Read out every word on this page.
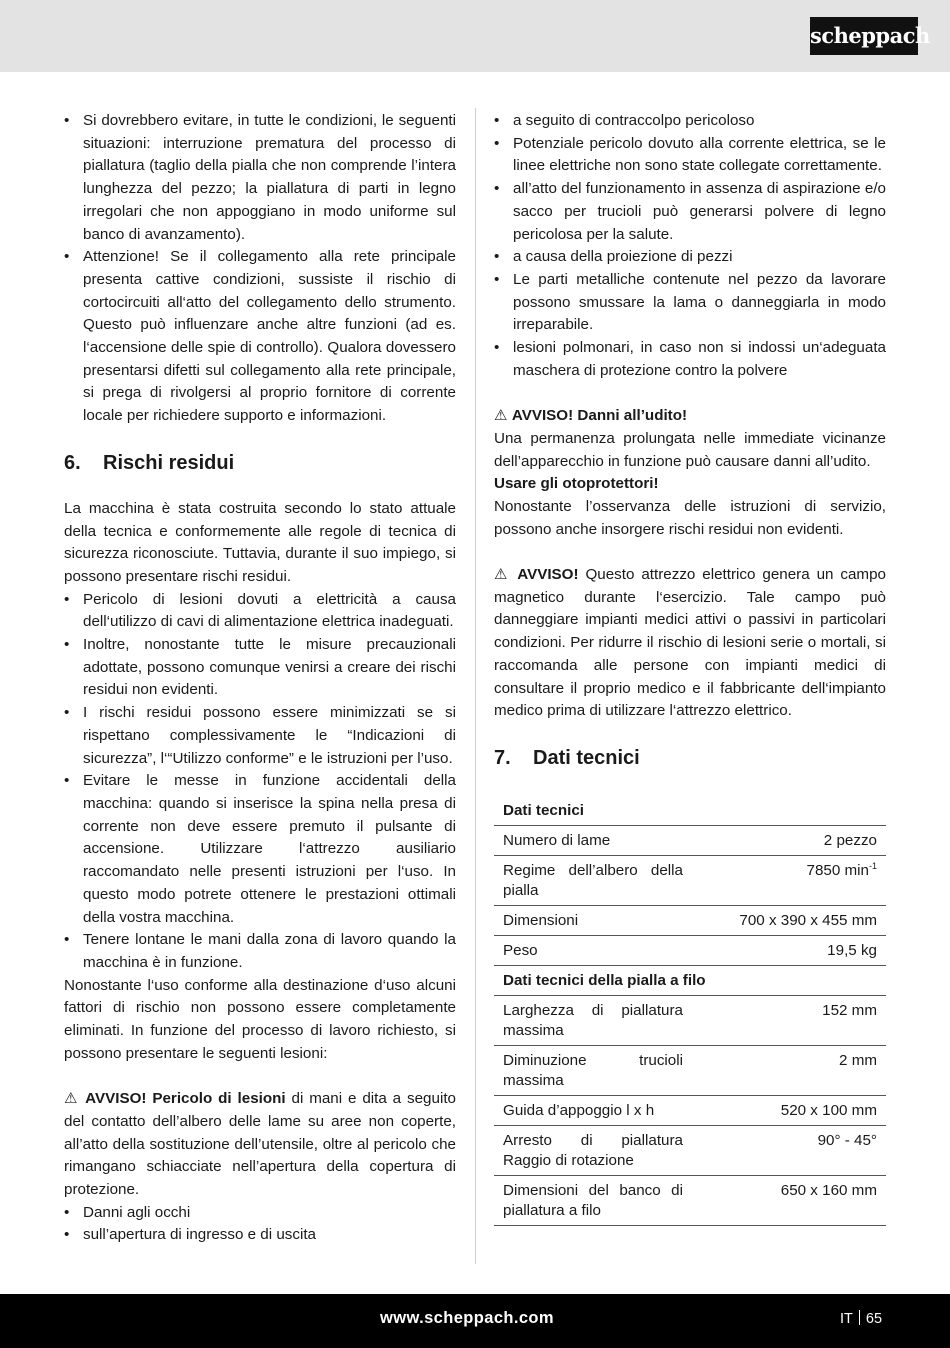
scheppach
• Si dovrebbero evitare, in tutte le condizioni, le seguenti situazioni: interruzione prematura del processo di piallatura (taglio della pialla che non comprende l’intera lunghezza del pezzo; la piallatura di parti in legno irregolari che non appoggiano in modo uniforme sul banco di avanzamento).
• Attenzione! Se il collegamento alla rete principale presenta cattive condizioni, sussiste il rischio di cortocircuiti all‘atto del collegamento dello strumento. Questo può influenzare anche altre funzioni (ad es. l‘accensione delle spie di controllo). Qualora dovessero presentarsi difetti sul collegamento alla rete principale, si prega di rivolgersi al proprio fornitore di corrente locale per richiedere supporto e informazioni.
6.	Rischi residui

La macchina è stata costruita secondo lo stato attuale della tecnica e conformemente alle regole di tecnica di sicurezza riconosciute. Tuttavia, durante il suo impiego, si possono presentare rischi residui.

• Pericolo di lesioni dovuti a elettricità a causa dell‘utilizzo di cavi di alimentazione elettrica inadeguati.
• Inoltre, nonostante tutte le misure precauzionali adottate, possono comunque venirsi a creare dei rischi residui non evidenti.
• I rischi residui possono essere minimizzati se si rispettano complessivamente le “Indicazioni di sicurezza”, l‘“Utilizzo conforme” e le istruzioni per l’uso.
• Evitare le messe in funzione accidentali della macchina: quando si inserisce la spina nella presa di corrente non deve essere premuto il pulsante di accensione. Utilizzare l‘attrezzo ausiliario raccomandato nelle presenti istruzioni per l‘uso. In questo modo potrete ottenere le prestazioni ottimali della vostra macchina.
• Tenere lontane le mani dalla zona di lavoro quando la macchina è in funzione.

Nonostante l‘uso conforme alla destinazione d‘uso alcuni fattori di rischio non possono essere completamente eliminati. In funzione del processo di lavoro richiesto, si possono presentare le seguenti lesioni:

⚠ AVVISO! Pericolo di lesioni di mani e dita a seguito del contatto dell’albero delle lame su aree non coperte, all’atto della sostituzione dell’utensile, oltre al pericolo che rimangano schiacciate nell’apertura della copertura di protezione.

• Danni agli occhi
• sull’apertura di ingresso e di uscita
• a seguito di contraccolpo pericoloso
• Potenziale pericolo dovuto alla corrente elettrica, se le linee elettriche non sono state collegate correttamente.
• all’atto del funzionamento in assenza di aspirazione e/o sacco per trucioli può generarsi polvere di legno pericolosa per la salute.
• a causa della proiezione di pezzi
• Le parti metalliche contenute nel pezzo da lavorare possono smussare la lama o danneggiarla in modo irreparabile.
• lesioni polmonari, in caso non si indossi un‘adeguata maschera di protezione contro la polvere

⚠ AVVISO! Danni all’udito!

Una permanenza prolungata nelle immediate vicinanze dell’apparecchio in funzione può causare danni all’udito.

Usare gli otoprotettori!

Nonostante l’osservanza delle istruzioni di servizio, possono anche insorgere rischi residui non evidenti.

⚠ AVVISO! Questo attrezzo elettrico genera un campo magnetico durante l‘esercizio. Tale campo può danneggiare impianti medici attivi o passivi in particolari condizioni. Per ridurre il rischio di lesioni serie o mortali, si raccomanda alle persone con impianti medici di consultare il proprio medico e il fabbricante dell‘impianto medico prima di utilizzare l‘attrezzo elettrico.

7.	Dati tecnici
Dati tecnici	
Numero di lame	2 pezzo
Regime dell’albero della pialla	7850 $\min^{-1}$
Dimensioni	700 x 390 x 455 mm
Peso	19,5 kg
Dati tecnici della pialla a filo	
Larghezza di piallatura massima	152 mm
Diminuzione trucioli massima	2 mm
Guida d’appoggio l x h	520 x 100 mm
Arresto di piallatura Raggio di rotazione	90° - 45°
Dimensioni del banco di piallatura a filo	650 x 160 mm
www.scheppach.com	IT 65
